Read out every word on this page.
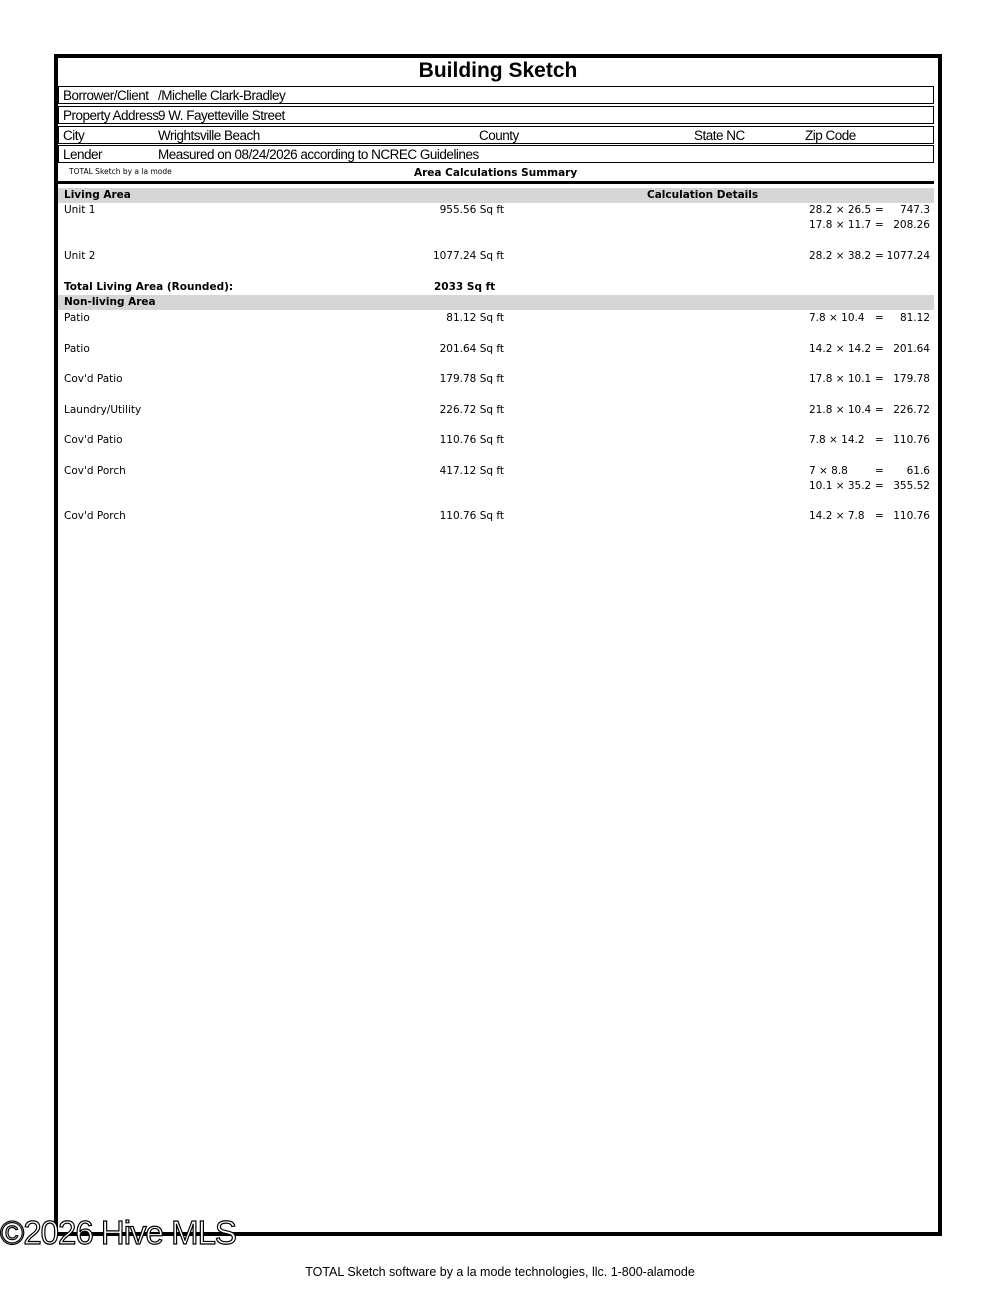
Building Sketch
Borrower/Client /Michelle Clark-Bradley
Property Address 9 W. Fayetteville Street
City	Wrightsville Beach	County	State NC	Zip Code
Lender	Measured on 08/24/2026 according to NCREC Guidelines
TOTAL Sketch by a la mode	Area Calculations Summary
Living Area	Calculation Details
Total Living Area (Rounded):	2033 Sq ft
Non-living Area
©2026 Hive MLS
TOTAL Sketch software by a la mode technologies, llc. 1-800-alamode
Unit 1	955.56 Sq ft	28.2 × 26.5 = 747.3
17.8 × 11.7 = 208.26
Unit 2	1077.24 Sq ft	28.2 × 38.2 = 1077.24
Patio	81.12 Sq ft	7.8 × 10.4 = 81.12
Patio	201.64 Sq ft	14.2 × 14.2 = 201.64
Cov'd Patio	179.78 Sq ft	17.8 × 10.1 = 179.78
Laundry/Utility	226.72 Sq ft	21.8 × 10.4 = 226.72
Cov'd Patio	110.76 Sq ft	7.8 × 14.2 = 110.76
Cov'd Porch	417.12 Sq ft	7 × 8.8	= 61.6
10.1 × 35.2 = 355.52
Cov'd Porch	110.76 Sq ft	14.2 × 7.8 = 110.76
